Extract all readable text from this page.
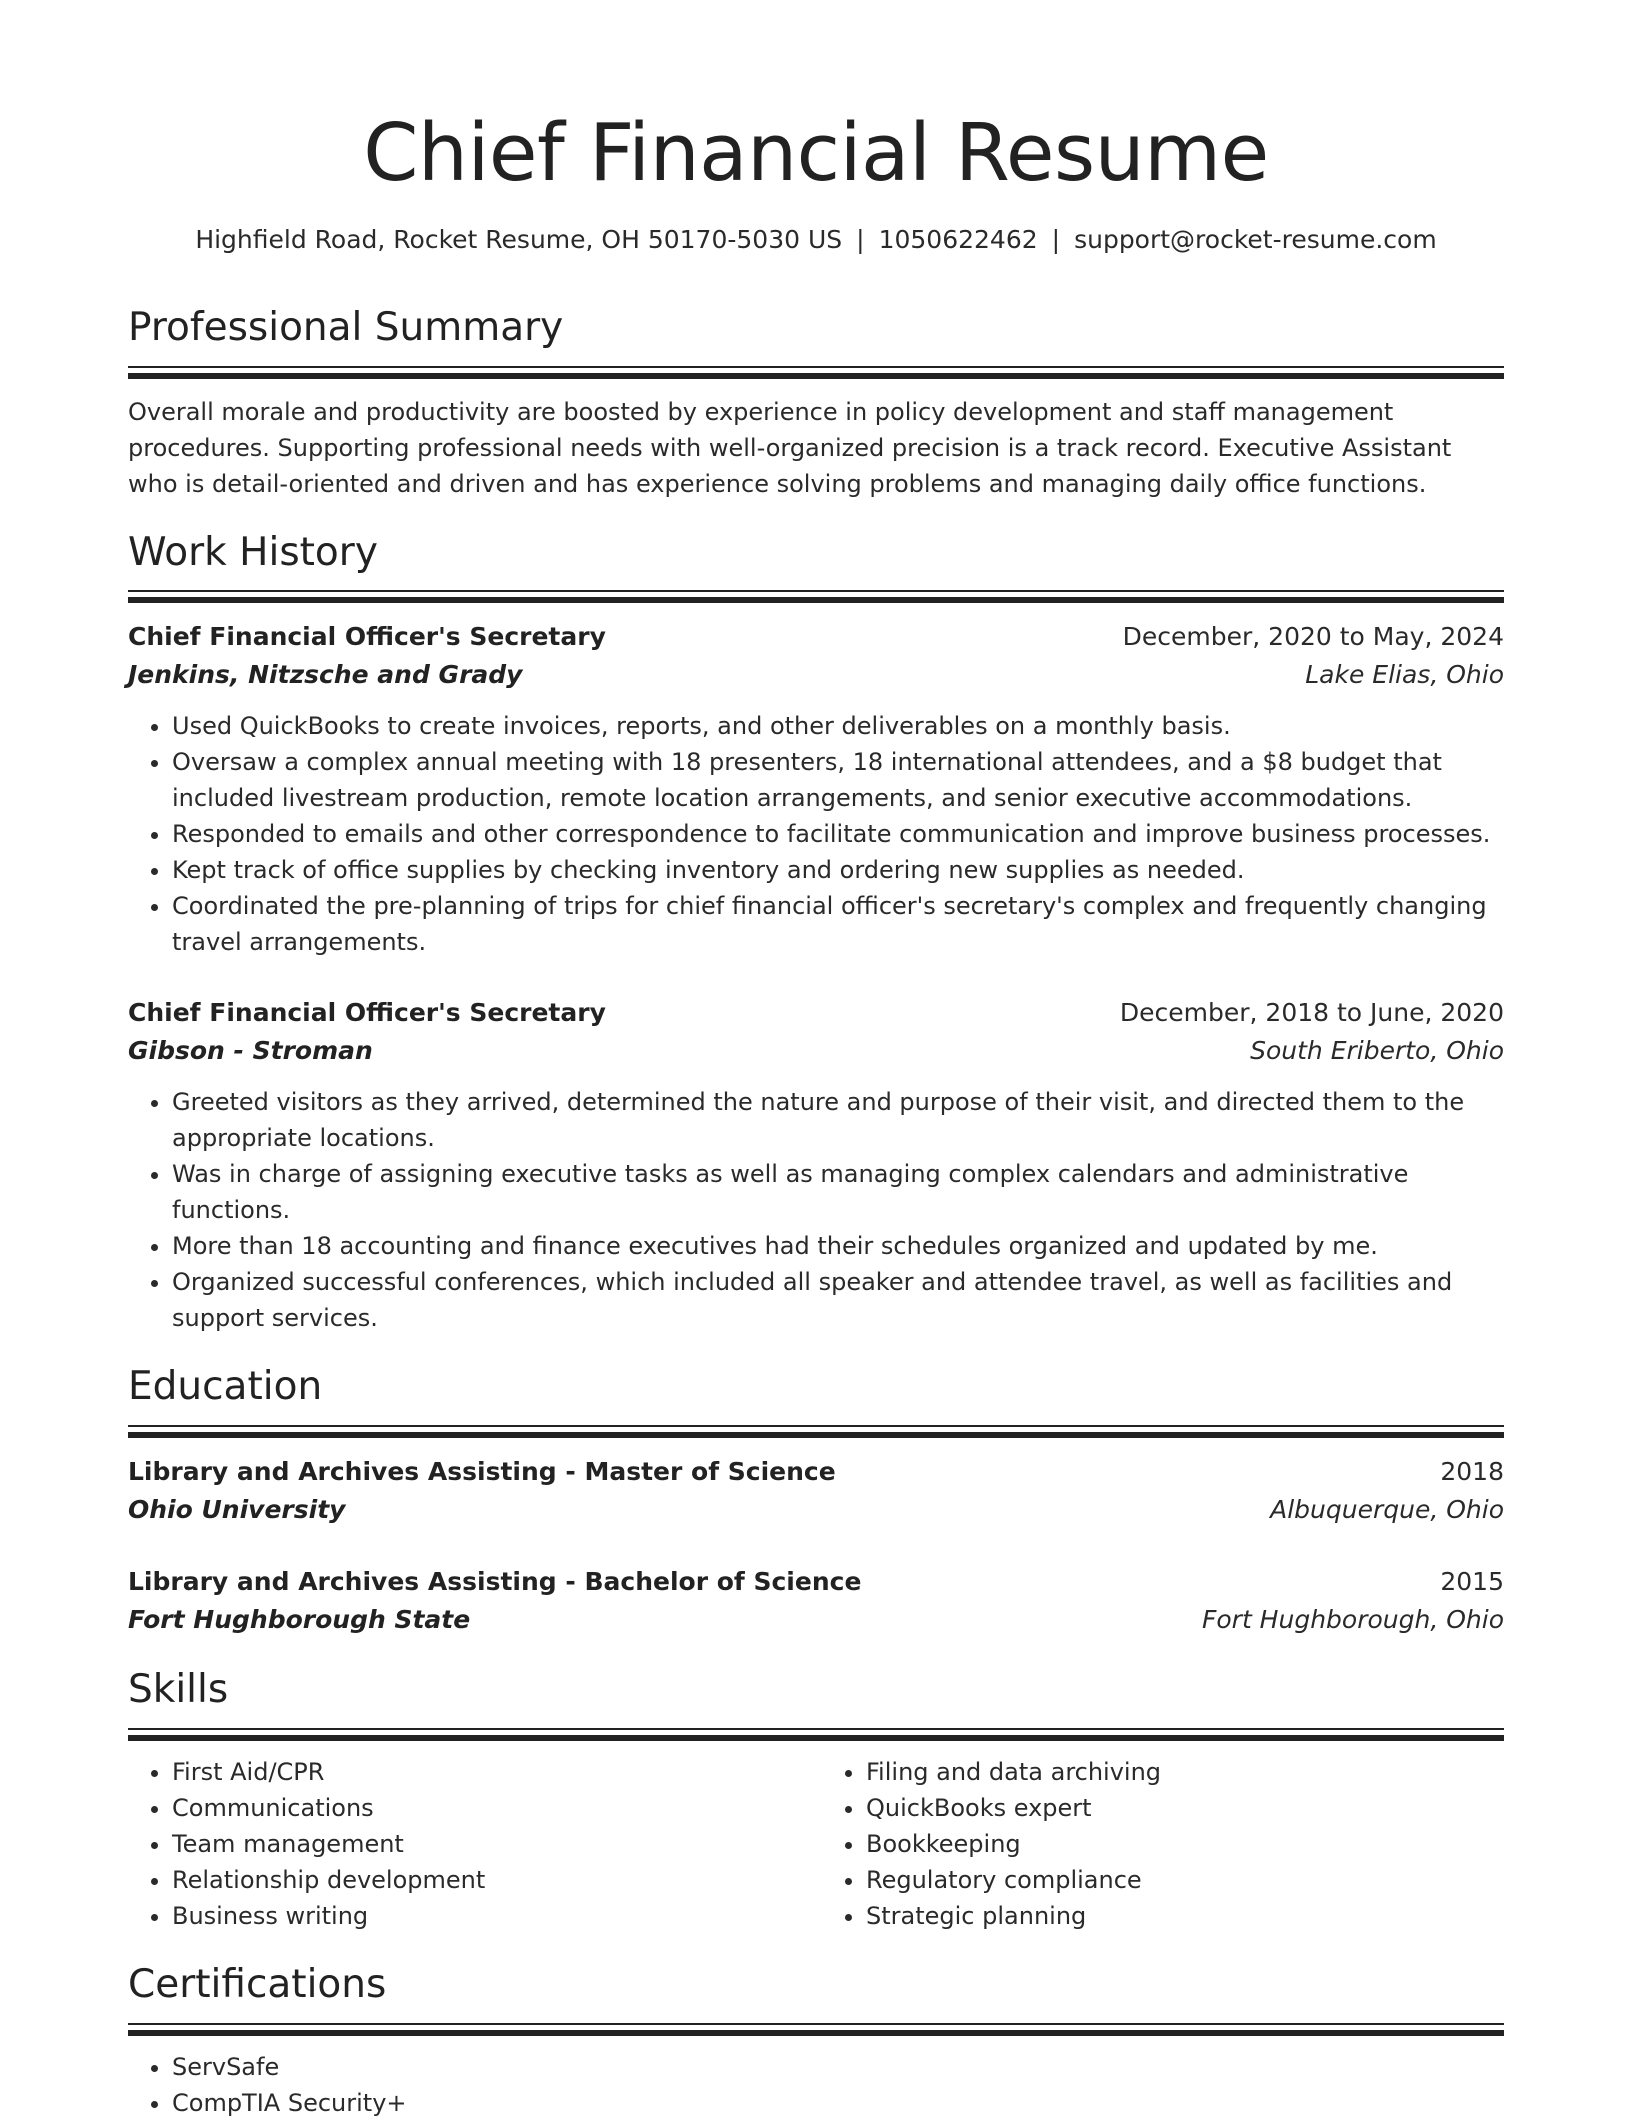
Chief Financial Resume
Highfield Road, Rocket Resume, OH 50170-5030 US | 1050622462 | support@rocket-resume.com
Professional Summary
Overall morale and productivity are boosted by experience in policy development and staff management procedures. Supporting professional needs with well-organized precision is a track record. Executive Assistant who is detail-oriented and driven and has experience solving problems and managing daily office functions.
Work History
Chief Financial Officer's Secretary	December, 2020 to May, 2024
Jenkins, Nitzsche and Grady	Lake Elias, Ohio
• Used QuickBooks to create invoices, reports, and other deliverables on a monthly basis.
• Oversaw a complex annual meeting with 18 presenters, 18 international attendees, and a $8 budget that included livestream production, remote location arrangements, and senior executive accommodations.
• Responded to emails and other correspondence to facilitate communication and improve business processes.
• Kept track of office supplies by checking inventory and ordering new supplies as needed.
• Coordinated the pre-planning of trips for chief financial officer's secretary's complex and frequently changing travel arrangements.
Chief Financial Officer's Secretary	December, 2018 to June, 2020
Gibson - Stroman	South Eriberto, Ohio
• Greeted visitors as they arrived, determined the nature and purpose of their visit, and directed them to the appropriate locations.
• Was in charge of assigning executive tasks as well as managing complex calendars and administrative functions.
• More than 18 accounting and finance executives had their schedules organized and updated by me.
• Organized successful conferences, which included all speaker and attendee travel, as well as facilities and support services.
Education
Library and Archives Assisting - Master of Science	2018
Ohio University	Albuquerque, Ohio
Library and Archives Assisting - Bachelor of Science	2015
Fort Hughborough State	Fort Hughborough, Ohio
Skills
• First Aid/CPR
• Communications
• Team management
• Relationship development
• Business writing
• Filing and data archiving
• QuickBooks expert
• Bookkeeping
• Regulatory compliance
• Strategic planning
Certifications
• ServSafe
• CompTIA Security+
